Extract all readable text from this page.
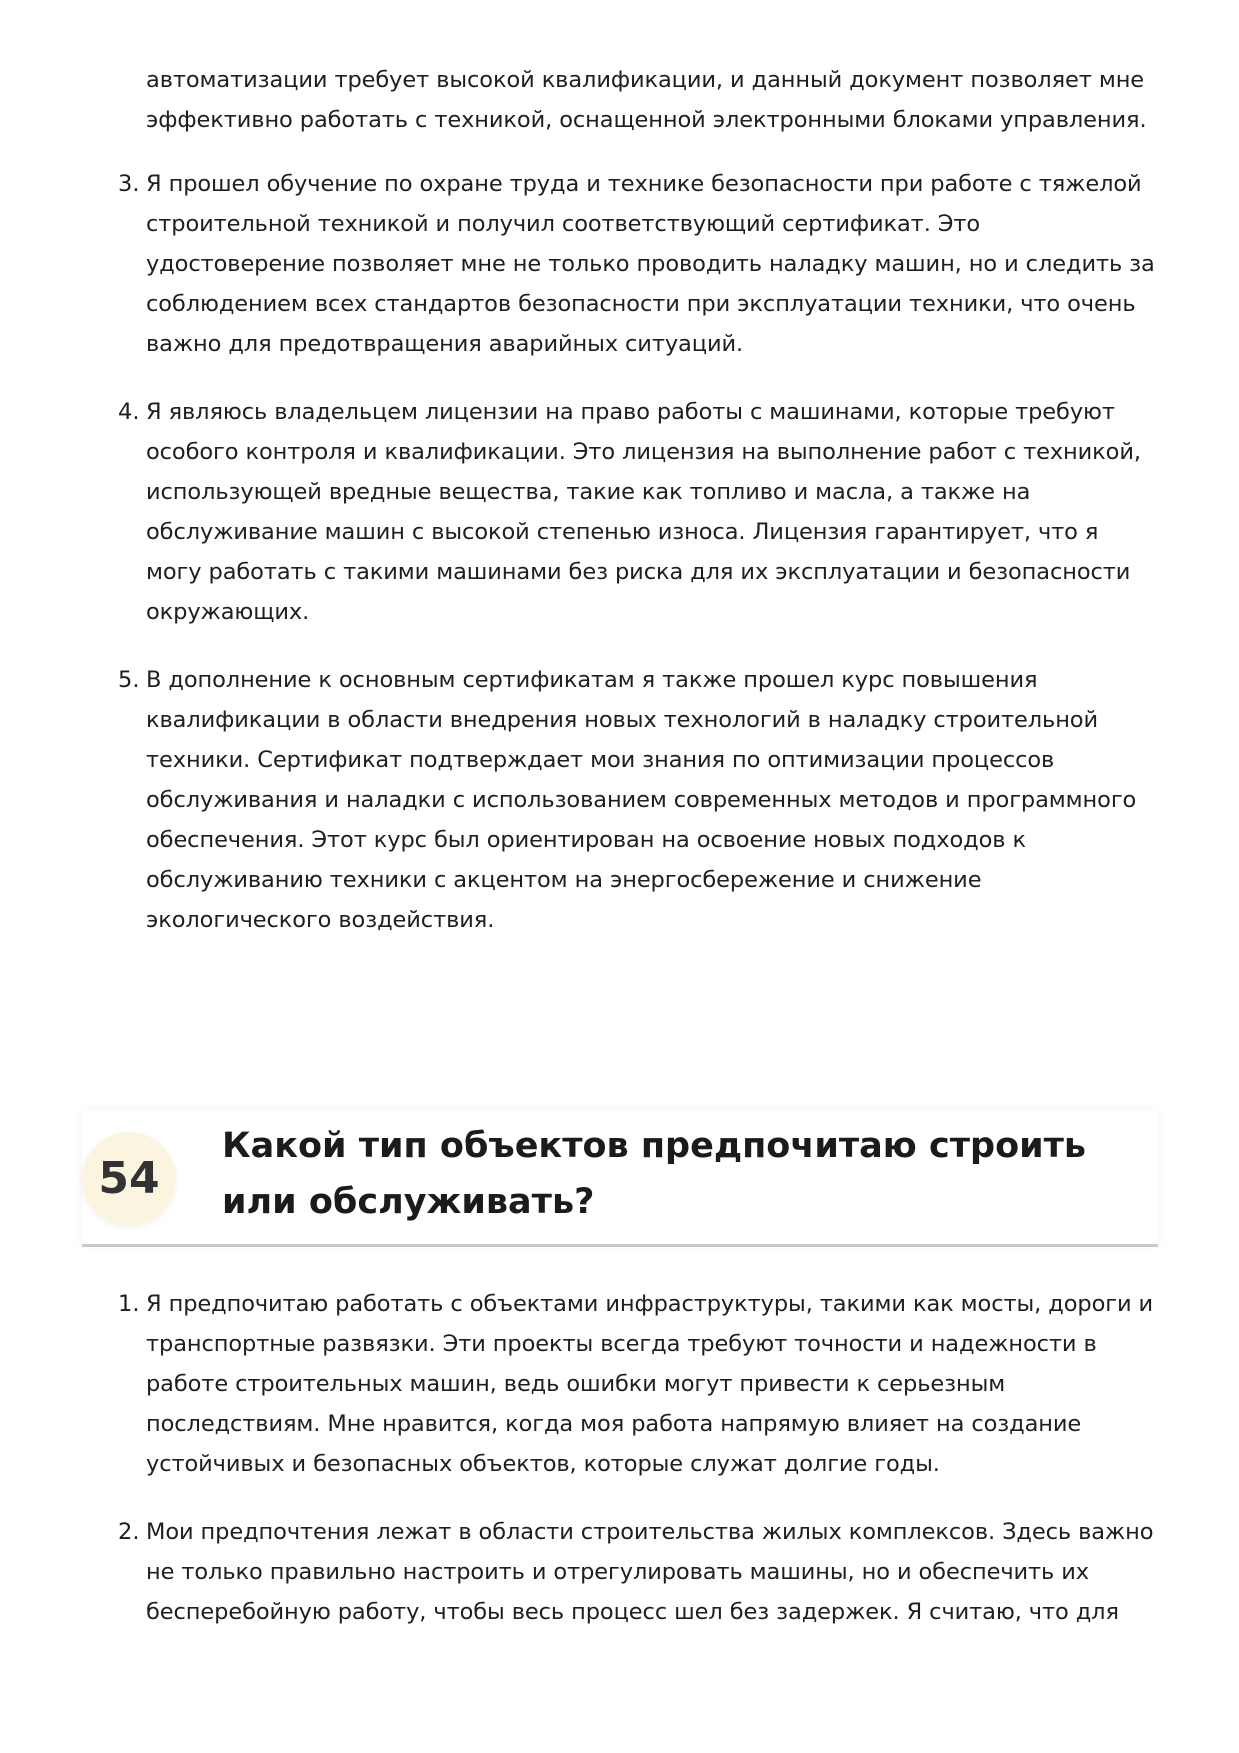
автоматизации требует высокой квалификации, и данный документ позволяет мне эффективно работать с техникой, оснащенной электронными блоками управления.
3. Я прошел обучение по охране труда и технике безопасности при работе с тяжелой строительной техникой и получил соответствующий сертификат. Это удостоверение позволяет мне не только проводить наладку машин, но и следить за соблюдением всех стандартов безопасности при эксплуатации техники, что очень важно для предотвращения аварийных ситуаций.
4. Я являюсь владельцем лицензии на право работы с машинами, которые требуют особого контроля и квалификации. Это лицензия на выполнение работ с техникой, использующей вредные вещества, такие как топливо и масла, а также на обслуживание машин с высокой степенью износа. Лицензия гарантирует, что я могу работать с такими машинами без риска для их эксплуатации и безопасности окружающих.
5. В дополнение к основным сертификатам я также прошел курс повышения квалификации в области внедрения новых технологий в наладку строительной техники. Сертификат подтверждает мои знания по оптимизации процессов обслуживания и наладки с использованием современных методов и программного обеспечения. Этот курс был ориентирован на освоение новых подходов к обслуживанию техники с акцентом на энергосбережение и снижение экологического воздействия.
54
Какой тип объектов предпочитаю строить или обслуживать?
1. Я предпочитаю работать с объектами инфраструктуры, такими как мосты, дороги и транспортные развязки. Эти проекты всегда требуют точности и надежности в работе строительных машин, ведь ошибки могут привести к серьезным последствиям. Мне нравится, когда моя работа напрямую влияет на создание устойчивых и безопасных объектов, которые служат долгие годы.
2. Мои предпочтения лежат в области строительства жилых комплексов. Здесь важно не только правильно настроить и отрегулировать машины, но и обеспечить их бесперебойную работу, чтобы весь процесс шел без задержек. Я считаю, что для
